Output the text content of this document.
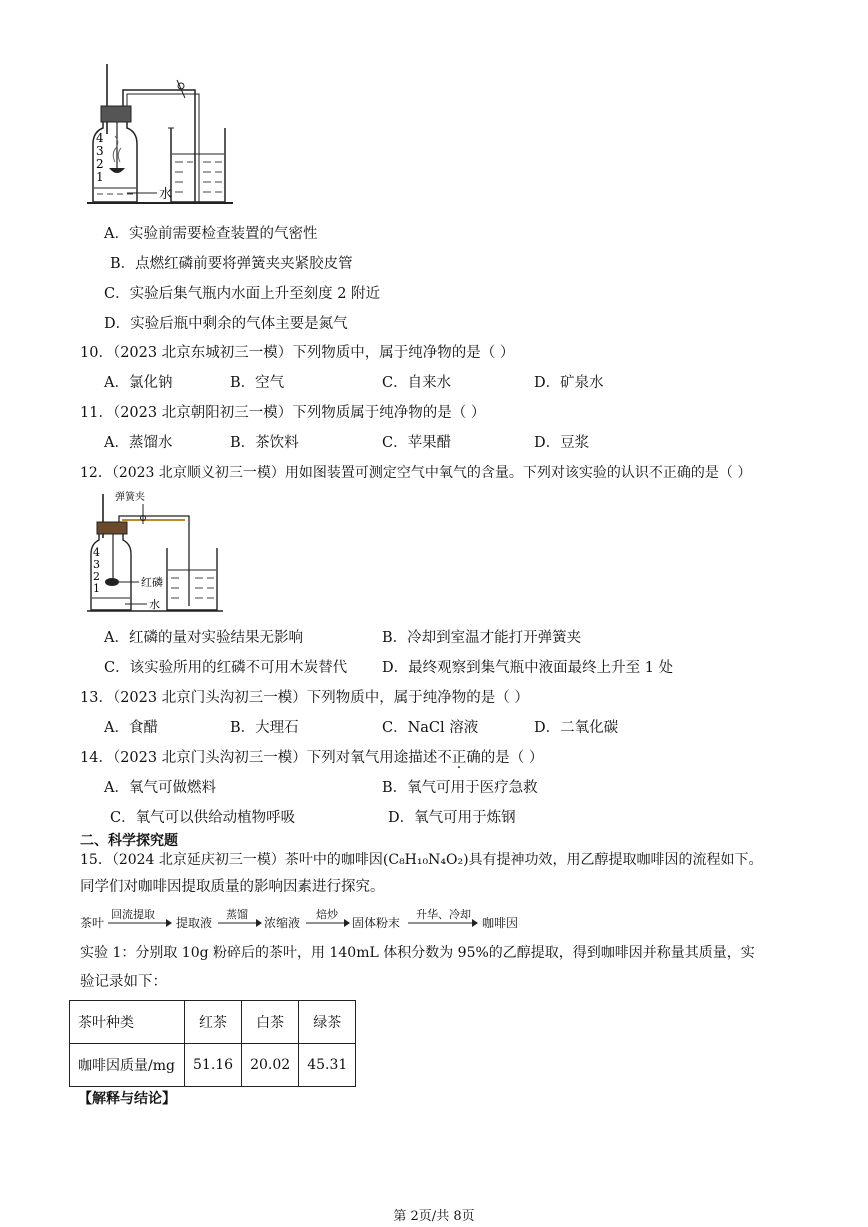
4
3
2
1
水
A．实验前需要检查装置的气密性
B．点燃红磷前要将弹簧夹夹紧胶皮管
C．实验后集气瓶内水面上升至刻度 2 附近
D．实验后瓶中剩余的气体主要是氮气
10．（2023 北京东城初三一模）下列物质中，属于纯净物的是（ ）
A．氯化钠	B．空气	C．自来水	D．矿泉水
11．（2023 北京朝阳初三一模）下列物质属于纯净物的是（ ）
A．蒸馏水	B．茶饮料	C．苹果醋	D．豆浆
12．（2023 北京顺义初三一模）用如图装置可测定空气中氧气的含量。下列对该实验的认识不正确的是（ ）
弹簧夹
4
3
2
1	红磷
水
A．红磷的量对实验结果无影响	B．冷却到室温才能打开弹簧夹
C．该实验所用的红磷不可用木炭替代 D．最终观察到集气瓶中液面最终上升至 1 处
13．（2023 北京门头沟初三一模）下列物质中，属于纯净物的是（ ）
A．食醋	B．大理石	C．NaCl 溶液	D．二氧化碳
14．（2023 北京门头沟初三一模）下列对氧气用途描述不正确的是（ ）
A．氧气可做燃料	B．氧气可用于医疗急救
C．氧气可以供给动植物呼吸	D．氧气可用于炼钢
二、科学探究题
15．（2024 北京延庆初三一模）茶叶中的咖啡因(C₈H₁₀N₄O₂)具有提神功效，用乙醇提取咖啡因的流程如下。
同学们对咖啡因提取质量的影响因素进行探究。
茶叶
回流提取
提取液
蒸馏
浓缩液
焙炒
固体粉末
升华、冷却
咖啡因
实验 1：分别取 10g 粉碎后的茶叶，用 140mL 体积分数为 95%的乙醇提取，得到咖啡因并称量其质量，实
验记录如下：
茶叶种类	红茶	白茶	绿茶
咖啡因质量/mg	51.16	20.02	45.31
【解释与结论】
第 2页/共 8页
